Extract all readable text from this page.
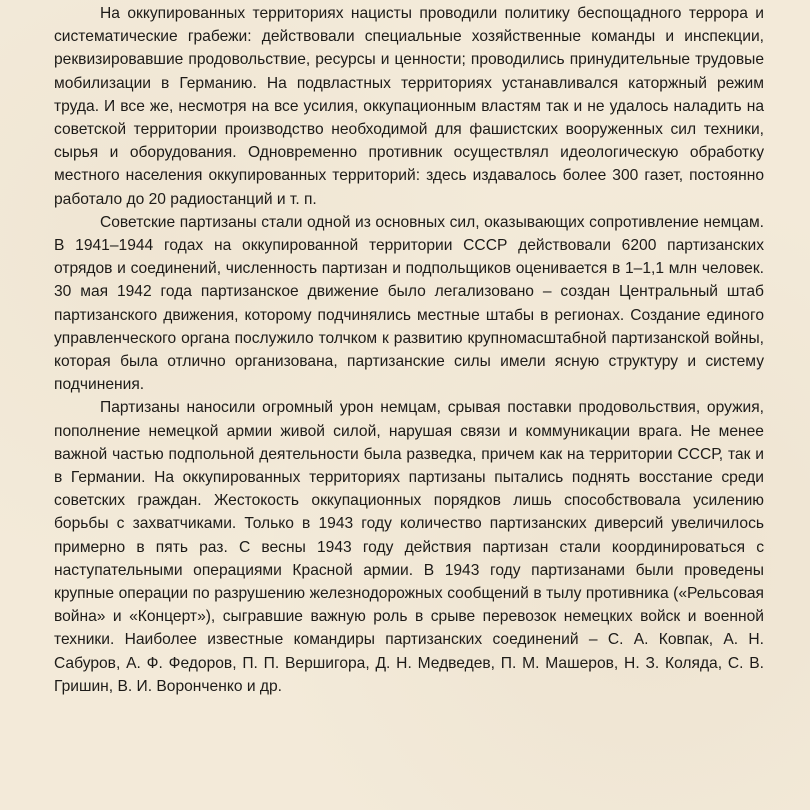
На оккупированных территориях нацисты проводили политику беспощадного террора и систематические грабежи: действовали специальные хозяйственные команды и инспекции, реквизировавшие продовольствие, ресурсы и ценности; проводились принудительные трудовые мобилизации в Германию. На подвластных территориях устанавливался каторжный режим труда. И все же, несмотря на все усилия, оккупационным властям так и не удалось наладить на советской территории производство необходимой для фашистских вооруженных сил техники, сырья и оборудования. Одновременно противник осуществлял идеологическую обработку местного населения оккупированных территорий: здесь издавалось более 300 газет, постоянно работало до 20 радиостанций и т. п.

Советские партизаны стали одной из основных сил, оказывающих сопротивление немцам. В 1941–1944 годах на оккупированной территории СССР действовали 6200 партизанских отрядов и соединений, численность партизан и подпольщиков оценивается в 1–1,1 млн человек. 30 мая 1942 года партизанское движение было легализовано – создан Центральный штаб партизанского движения, которому подчинялись местные штабы в регионах. Создание единого управленческого органа послужило толчком к развитию крупномасштабной партизанской войны, которая была отлично организована, партизанские силы имели ясную структуру и систему подчинения.

Партизаны наносили огромный урон немцам, срывая поставки продовольствия, оружия, пополнение немецкой армии живой силой, нарушая связи и коммуникации врага. Не менее важной частью подпольной деятельности была разведка, причем как на территории СССР, так и в Германии. На оккупированных территориях партизаны пытались поднять восстание среди советских граждан. Жестокость оккупационных порядков лишь способствовала усилению борьбы с захватчиками. Только в 1943 году количество партизанских диверсий увеличилось примерно в пять раз. С весны 1943 году действия партизан стали координироваться с наступательными операциями Красной армии. В 1943 году партизанами были проведены крупные операции по разрушению железнодорожных сообщений в тылу противника («Рельсовая война» и «Концерт»), сыгравшие важную роль в срыве перевозок немецких войск и военной техники. Наиболее известные командиры партизанских соединений – С. А. Ковпак, А. Н. Сабуров, А. Ф. Федоров, П. П. Вершигора, Д. Н. Медведев, П. М. Машеров, Н. З. Коляда, С. В. Гришин, В. И. Воронченко и др.
